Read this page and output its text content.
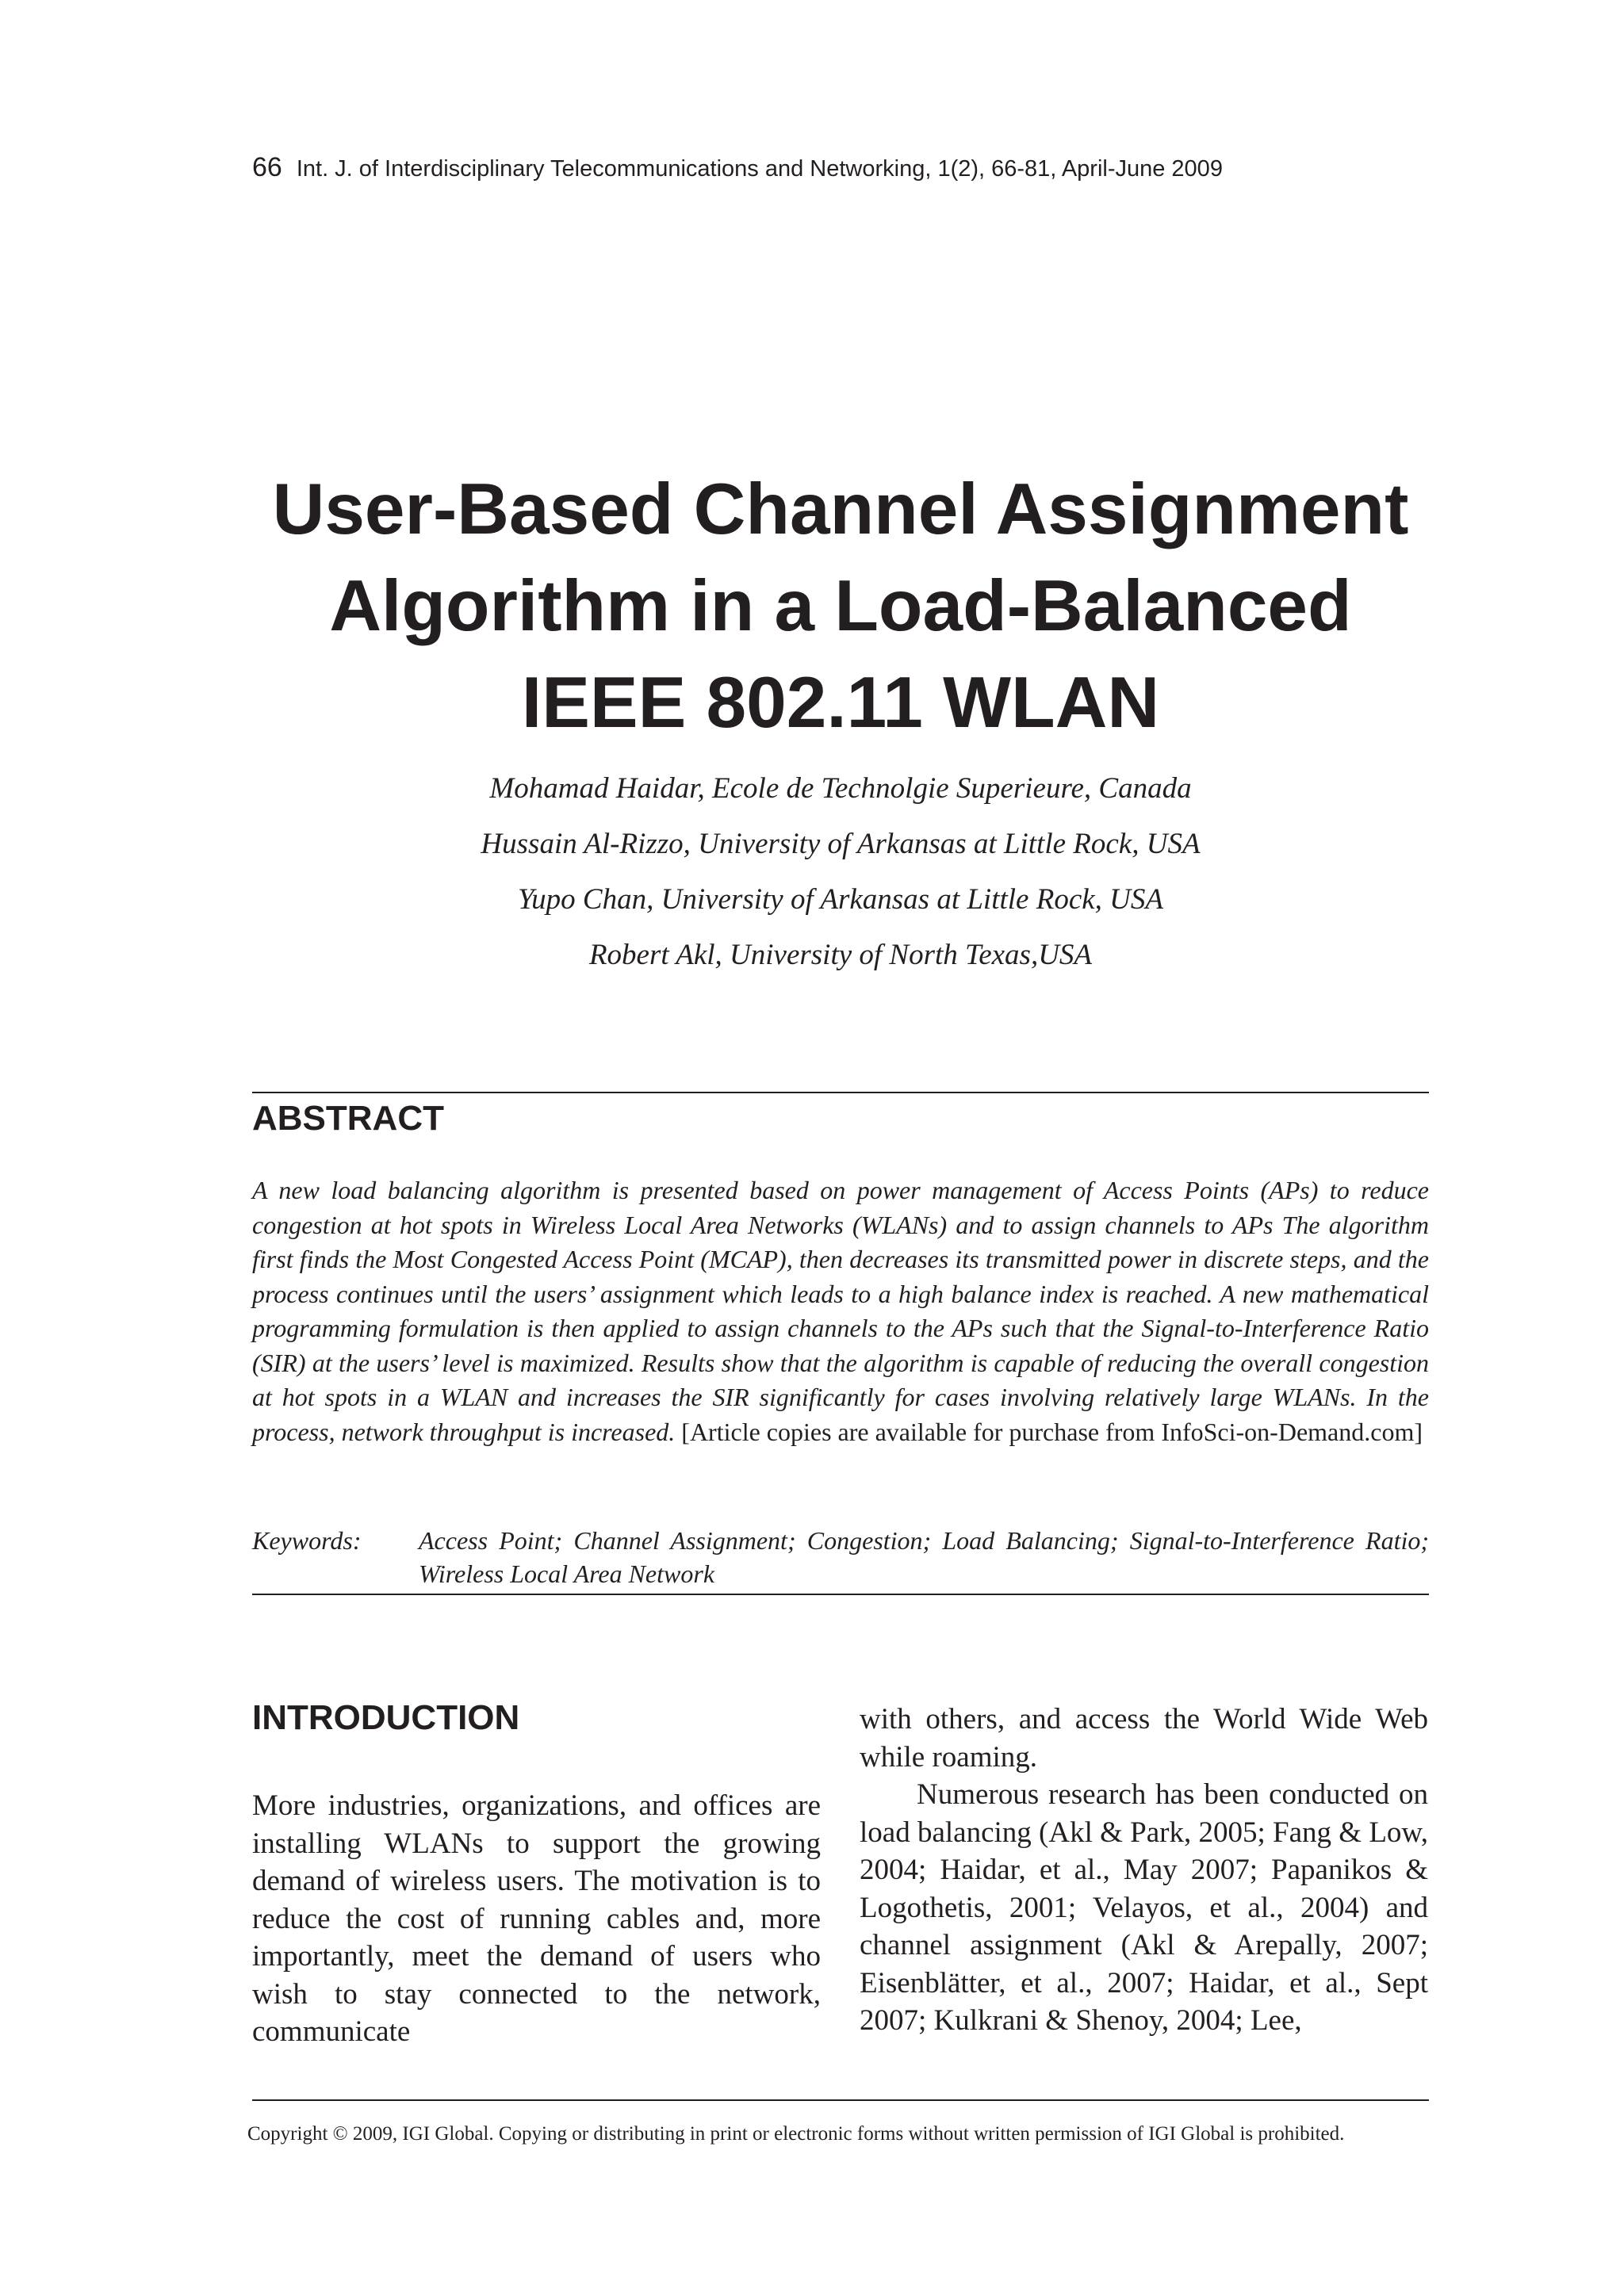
66 Int. J. of Interdisciplinary Telecommunications and Networking, 1(2), 66-81, April-June 2009
User-Based Channel Assignment
Algorithm in a Load-Balanced
IEEE 802.11 WLAN
Mohamad Haidar, Ecole de Technolgie Superieure, Canada
Hussain Al-Rizzo, University of Arkansas at Little Rock, USA
Yupo Chan, University of Arkansas at Little Rock, USA
Robert Akl, University of North Texas,USA
ABSTRACT

A new load balancing algorithm is presented based on power management of Access Points (APs) to reduce congestion at hot spots in Wireless Local Area Networks (WLANs) and to assign channels to APs The algorithm first finds the Most Congested Access Point (MCAP), then decreases its transmitted power in discrete steps, and the process continues until the users’ assignment which leads to a high balance index is reached. A new mathematical programming formulation is then applied to assign channels to the APs such that the Signal-to-Interference Ratio (SIR) at the users’ level is maximized. Results show that the algorithm is capable of reducing the overall congestion at hot spots in a WLAN and increases the SIR significantly for cases involving relatively large WLANs. In the process, network throughput is increased. [Article copies are available for purchase from InfoSci-on-Demand.com]

Keywords: Access Point; Channel Assignment; Congestion; Load Balancing; Signal-to-Interference Ratio; Wireless Local Area Network
INTRODUCTION

More industries, organizations, and offices are installing WLANs to support the growing demand of wireless users. The motivation is to reduce the cost of running cables and, more importantly, meet the demand of users who wish to stay connected to the network, communicate

with others, and access the World Wide Web while roaming.

Numerous research has been conducted on load balancing (Akl & Park, 2005; Fang & Low, 2004; Haidar, et al., May 2007; Papanikos & Logothetis, 2001; Velayos, et al., 2004) and channel assignment (Akl & Arepally, 2007; Eisenblätter, et al., 2007; Haidar, et al., Sept 2007; Kulkrani & Shenoy, 2004; Lee,

Copyright © 2009, IGI Global. Copying or distributing in print or electronic forms without written permission of IGI Global is prohibited.
